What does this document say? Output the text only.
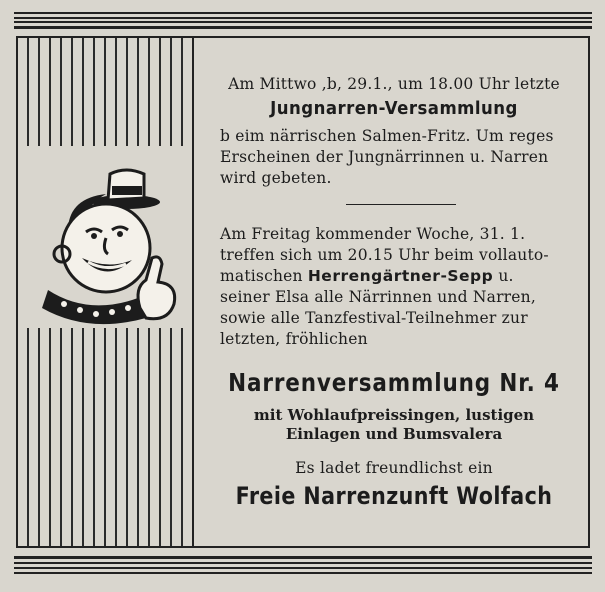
Am Mittwo ,b, 29.1., um 18.00 Uhr letzte
Jungnarren-Versammlung
b eim närrischen Salmen-Fritz. Um reges
Erscheinen der Jungnärrinnen u. Narren
wird gebeten.
Am Freitag kommender Woche, 31. 1.
treffen sich um 20.15 Uhr beim vollauto-
matischen Herrengärtner-Sepp u.
seiner Elsa alle Närrinnen und Narren,
sowie alle Tanzfestival-Teilnehmer zur
letzten, fröhlichen
Narrenversammlung Nr. 4
mit Wohlaufpreissingen, lustigen
Einlagen und Bumsvalera
Es ladet freundlichst ein
Freie Narrenzunft Wolfach
